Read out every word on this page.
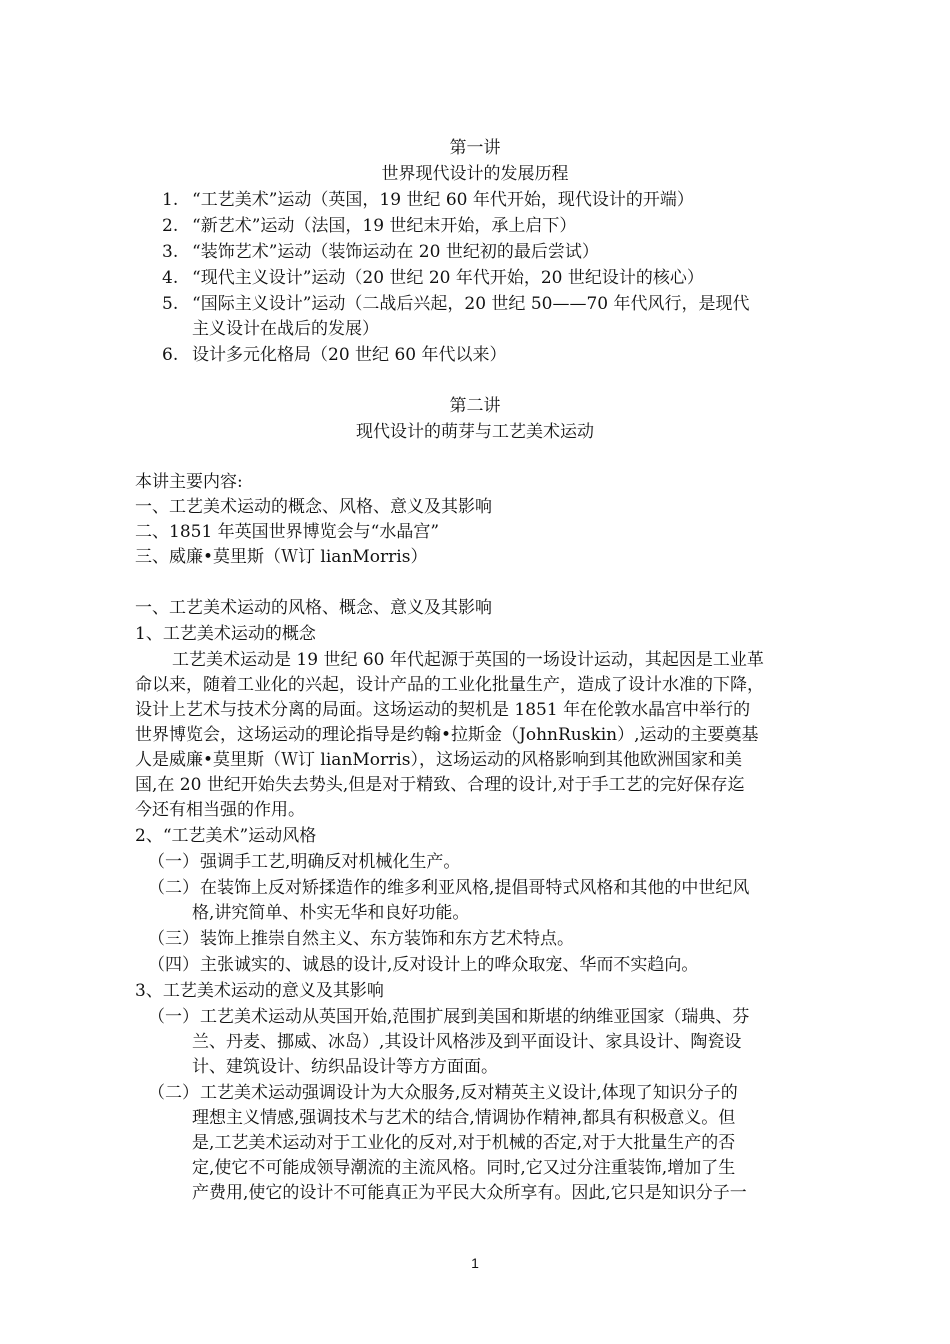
第一讲
世界现代设计的发展历程
1. “工艺美术”运动（英国，19 世纪 60 年代开始，现代设计的开端）
2. “新艺术”运动（法国，19 世纪末开始，承上启下）
3. “装饰艺术”运动（装饰运动在 20 世纪初的最后尝试）
4. “现代主义设计”运动（20 世纪 20 年代开始，20 世纪设计的核心）
5. “国际主义设计”运动（二战后兴起，20 世纪 50——70 年代风行，是现代
主义设计在战后的发展）
6. 设计多元化格局（20 世纪 60 年代以来）
第二讲
现代设计的萌芽与工艺美术运动
本讲主要内容:
一、工艺美术运动的概念、风格、意义及其影响
二、1851 年英国世界博览会与“水晶宫”
三、威廉•莫里斯（Ｗ订 lianMorris）
一、工艺美术运动的风格、概念、意义及其影响
1、工艺美术运动的概念
工艺美术运动是 19 世纪 60 年代起源于英国的一场设计运动，其起因是工业革
命以来，随着工业化的兴起，设计产品的工业化批量生产，造成了设计水准的下降，
设计上艺术与技术分离的局面。这场运动的契机是 1851 年在伦敦水晶宫中举行的
世界博览会，这场运动的理论指导是约翰•拉斯金（JohnRuskin）,运动的主要奠基
人是威廉•莫里斯（Ｗ订 lianMorris），这场运动的风格影响到其他欧洲国家和美
国,在 20 世纪开始失去势头,但是对于精致、合理的设计,对于手工艺的完好保存迄
今还有相当强的作用。
2、“工艺美术”运动风格
（一） 强调手工艺,明确反对机械化生产。
（二） 在装饰上反对矫揉造作的维多利亚风格,提倡哥特式风格和其他的中世纪风
格,讲究简单、朴实无华和良好功能。
（三） 装饰上推崇自然主义、东方装饰和东方艺术特点。
（四） 主张诚实的、诚恳的设计,反对设计上的哗众取宠、华而不实趋向。
3、工艺美术运动的意义及其影响
（一） 工艺美术运动从英国开始,范围扩展到美国和斯堪的纳维亚国家（瑞典、芬
兰、丹麦、挪威、冰岛）,其设计风格涉及到平面设计、家具设计、陶瓷设
计、建筑设计、纺织品设计等方方面面。
（二） 工艺美术运动强调设计为大众服务,反对精英主义设计,体现了知识分子的
理想主义情感,强调技术与艺术的结合,情调协作精神,都具有积极意义。但
是,工艺美术运动对于工业化的反对,对于机械的否定,对于大批量生产的否
定,使它不可能成领导潮流的主流风格。同时,它又过分注重装饰,增加了生
产费用,使它的设计不可能真正为平民大众所享有。因此,它只是知识分子一
1
